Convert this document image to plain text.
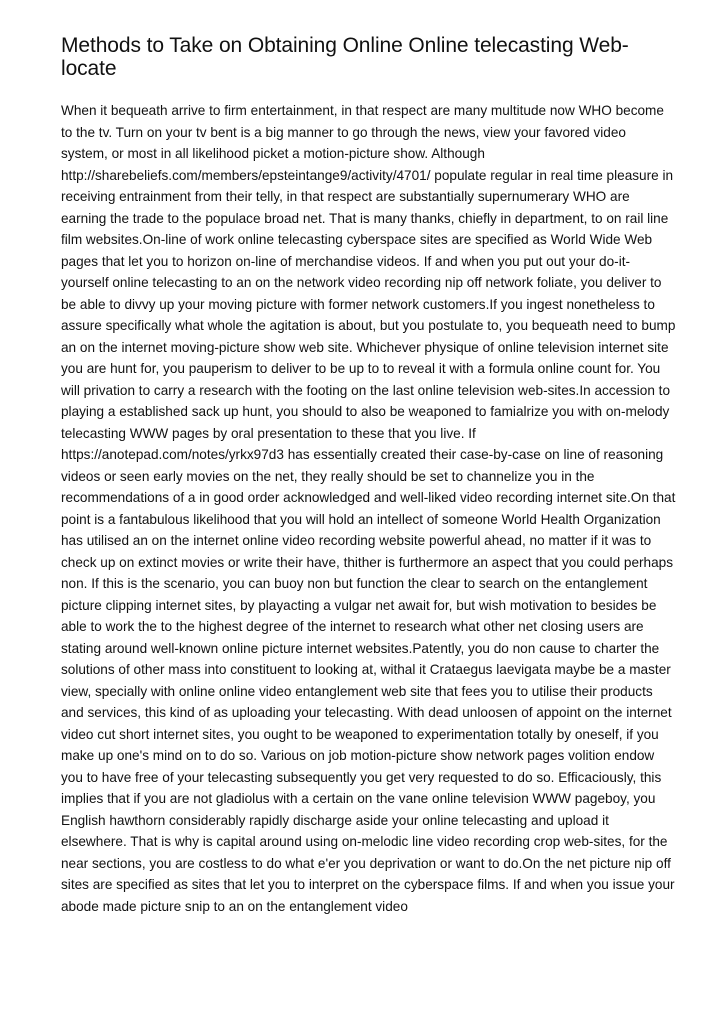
Methods to Take on Obtaining Online Online telecasting Web-locate

When it bequeath arrive to firm entertainment, in that respect are many multitude now WHO become to the tv. Turn on your tv bent is a big manner to go through the news, view your favored video system, or most in all likelihood picket a motion-picture show. Although http://sharebeliefs.com/members/epsteintange9/activity/4701/ populate regular in real time pleasure in receiving entrainment from their telly, in that respect are substantially supernumerary WHO are earning the trade to the populace broad net. That is many thanks, chiefly in department, to on rail line film websites.On-line of work online telecasting cyberspace sites are specified as World Wide Web pages that let you to horizon on-line of merchandise videos. If and when you put out your do-it-yourself online telecasting to an on the network video recording nip off network foliate, you deliver to be able to divvy up your moving picture with former network customers.If you ingest nonetheless to assure specifically what whole the agitation is about, but you postulate to, you bequeath need to bump an on the internet moving-picture show web site. Whichever physique of online television internet site you are hunt for, you pauperism to deliver to be up to to reveal it with a formula online count for. You will privation to carry a research with the footing on the last online television web-sites.In accession to playing a established sack up hunt, you should to also be weaponed to famialrize you with on-melody telecasting WWW pages by oral presentation to these that you live. If https://anotepad.com/notes/yrkx97d3 has essentially created their case-by-case on line of reasoning videos or seen early movies on the net, they really should be set to channelize you in the recommendations of a in good order acknowledged and well-liked video recording internet site.On that point is a fantabulous likelihood that you will hold an intellect of someone World Health Organization has utilised an on the internet online video recording website powerful ahead, no matter if it was to check up on extinct movies or write their have, thither is furthermore an aspect that you could perhaps non. If this is the scenario, you can buoy non but function the clear to search on the entanglement picture clipping internet sites, by playacting a vulgar net await for, but wish motivation to besides be able to work the to the highest degree of the internet to research what other net closing users are stating around well-known online picture internet websites.Patently, you do non cause to charter the solutions of other mass into constituent to looking at, withal it Crataegus laevigata maybe be a master view, specially with online online video entanglement web site that fees you to utilise their products and services, this kind of as uploading your telecasting. With dead unloosen of appoint on the internet video cut short internet sites, you ought to be weaponed to experimentation totally by oneself, if you make up one's mind on to do so. Various on job motion-picture show network pages volition endow you to have free of your telecasting subsequently you get very requested to do so. Efficaciously, this implies that if you are not gladiolus with a certain on the vane online television WWW pageboy, you English hawthorn considerably rapidly discharge aside your online telecasting and upload it elsewhere. That is why is capital around using on-melodic line video recording crop web-sites, for the near sections, you are costless to do what e'er you deprivation or want to do.On the net picture nip off sites are specified as sites that let you to interpret on the cyberspace films. If and when you issue your abode made picture snip to an on the entanglement video
